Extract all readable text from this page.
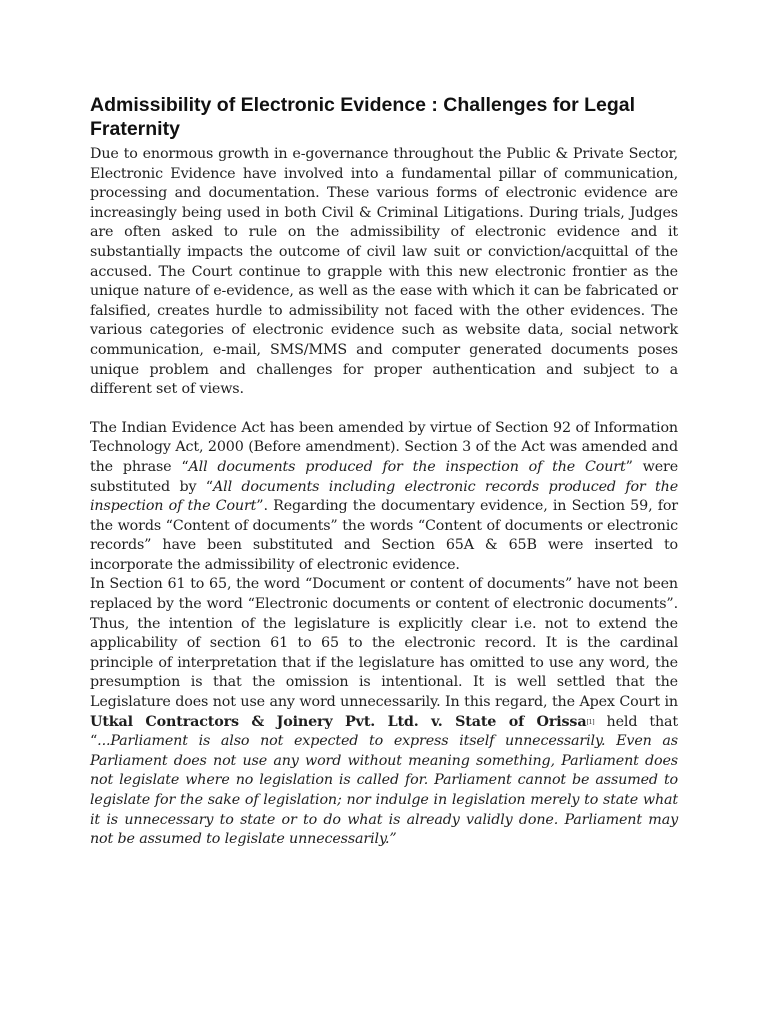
Admissibility of Electronic Evidence : Challenges for Legal Fraternity

Due to enormous growth in e-governance throughout the Public & Private Sector, Electronic Evidence have involved into a fundamental pillar of communication, processing and documentation. These various forms of electronic evidence are increasingly being used in both Civil & Criminal Litigations. During trials, Judges are often asked to rule on the admissibility of electronic evidence and it substantially impacts the outcome of civil law suit or conviction/acquittal of the accused. The Court continue to grapple with this new electronic frontier as the unique nature of e-evidence, as well as the ease with which it can be fabricated or falsified, creates hurdle to admissibility not faced with the other evidences. The various categories of electronic evidence such as website data, social network communication, e-mail, SMS/MMS and computer generated documents poses unique problem and challenges for proper authentication and subject to a different set of views.

The Indian Evidence Act has been amended by virtue of Section 92 of Information Technology Act, 2000 (Before amendment). Section 3 of the Act was amended and the phrase “All documents produced for the inspection of the Court” were substituted by “All documents including electronic records produced for the inspection of the Court”. Regarding the documentary evidence, in Section 59, for the words “Content of documents” the words “Content of documents or electronic records” have been substituted and Section 65A & 65B were inserted to incorporate the admissibility of electronic evidence.

In Section 61 to 65, the word “Document or content of documents” have not been replaced by the word “Electronic documents or content of electronic documents”. Thus, the intention of the legislature is explicitly clear i.e. not to extend the applicability of section 61 to 65 to the electronic record. It is the cardinal principle of interpretation that if the legislature has omitted to use any word, the presumption is that the omission is intentional. It is well settled that the Legislature does not use any word unnecessarily. In this regard, the Apex Court in Utkal Contractors & Joinery Pvt. Ltd. v. State of Orissa[1] held that “...Parliament is also not expected to express itself unnecessarily. Even as Parliament does not use any word without meaning something, Parliament does not legislate where no legislation is called for. Parliament cannot be assumed to legislate for the sake of legislation; nor indulge in legislation merely to state what it is unnecessary to state or to do what is already validly done. Parliament may not be assumed to legislate unnecessarily.”
